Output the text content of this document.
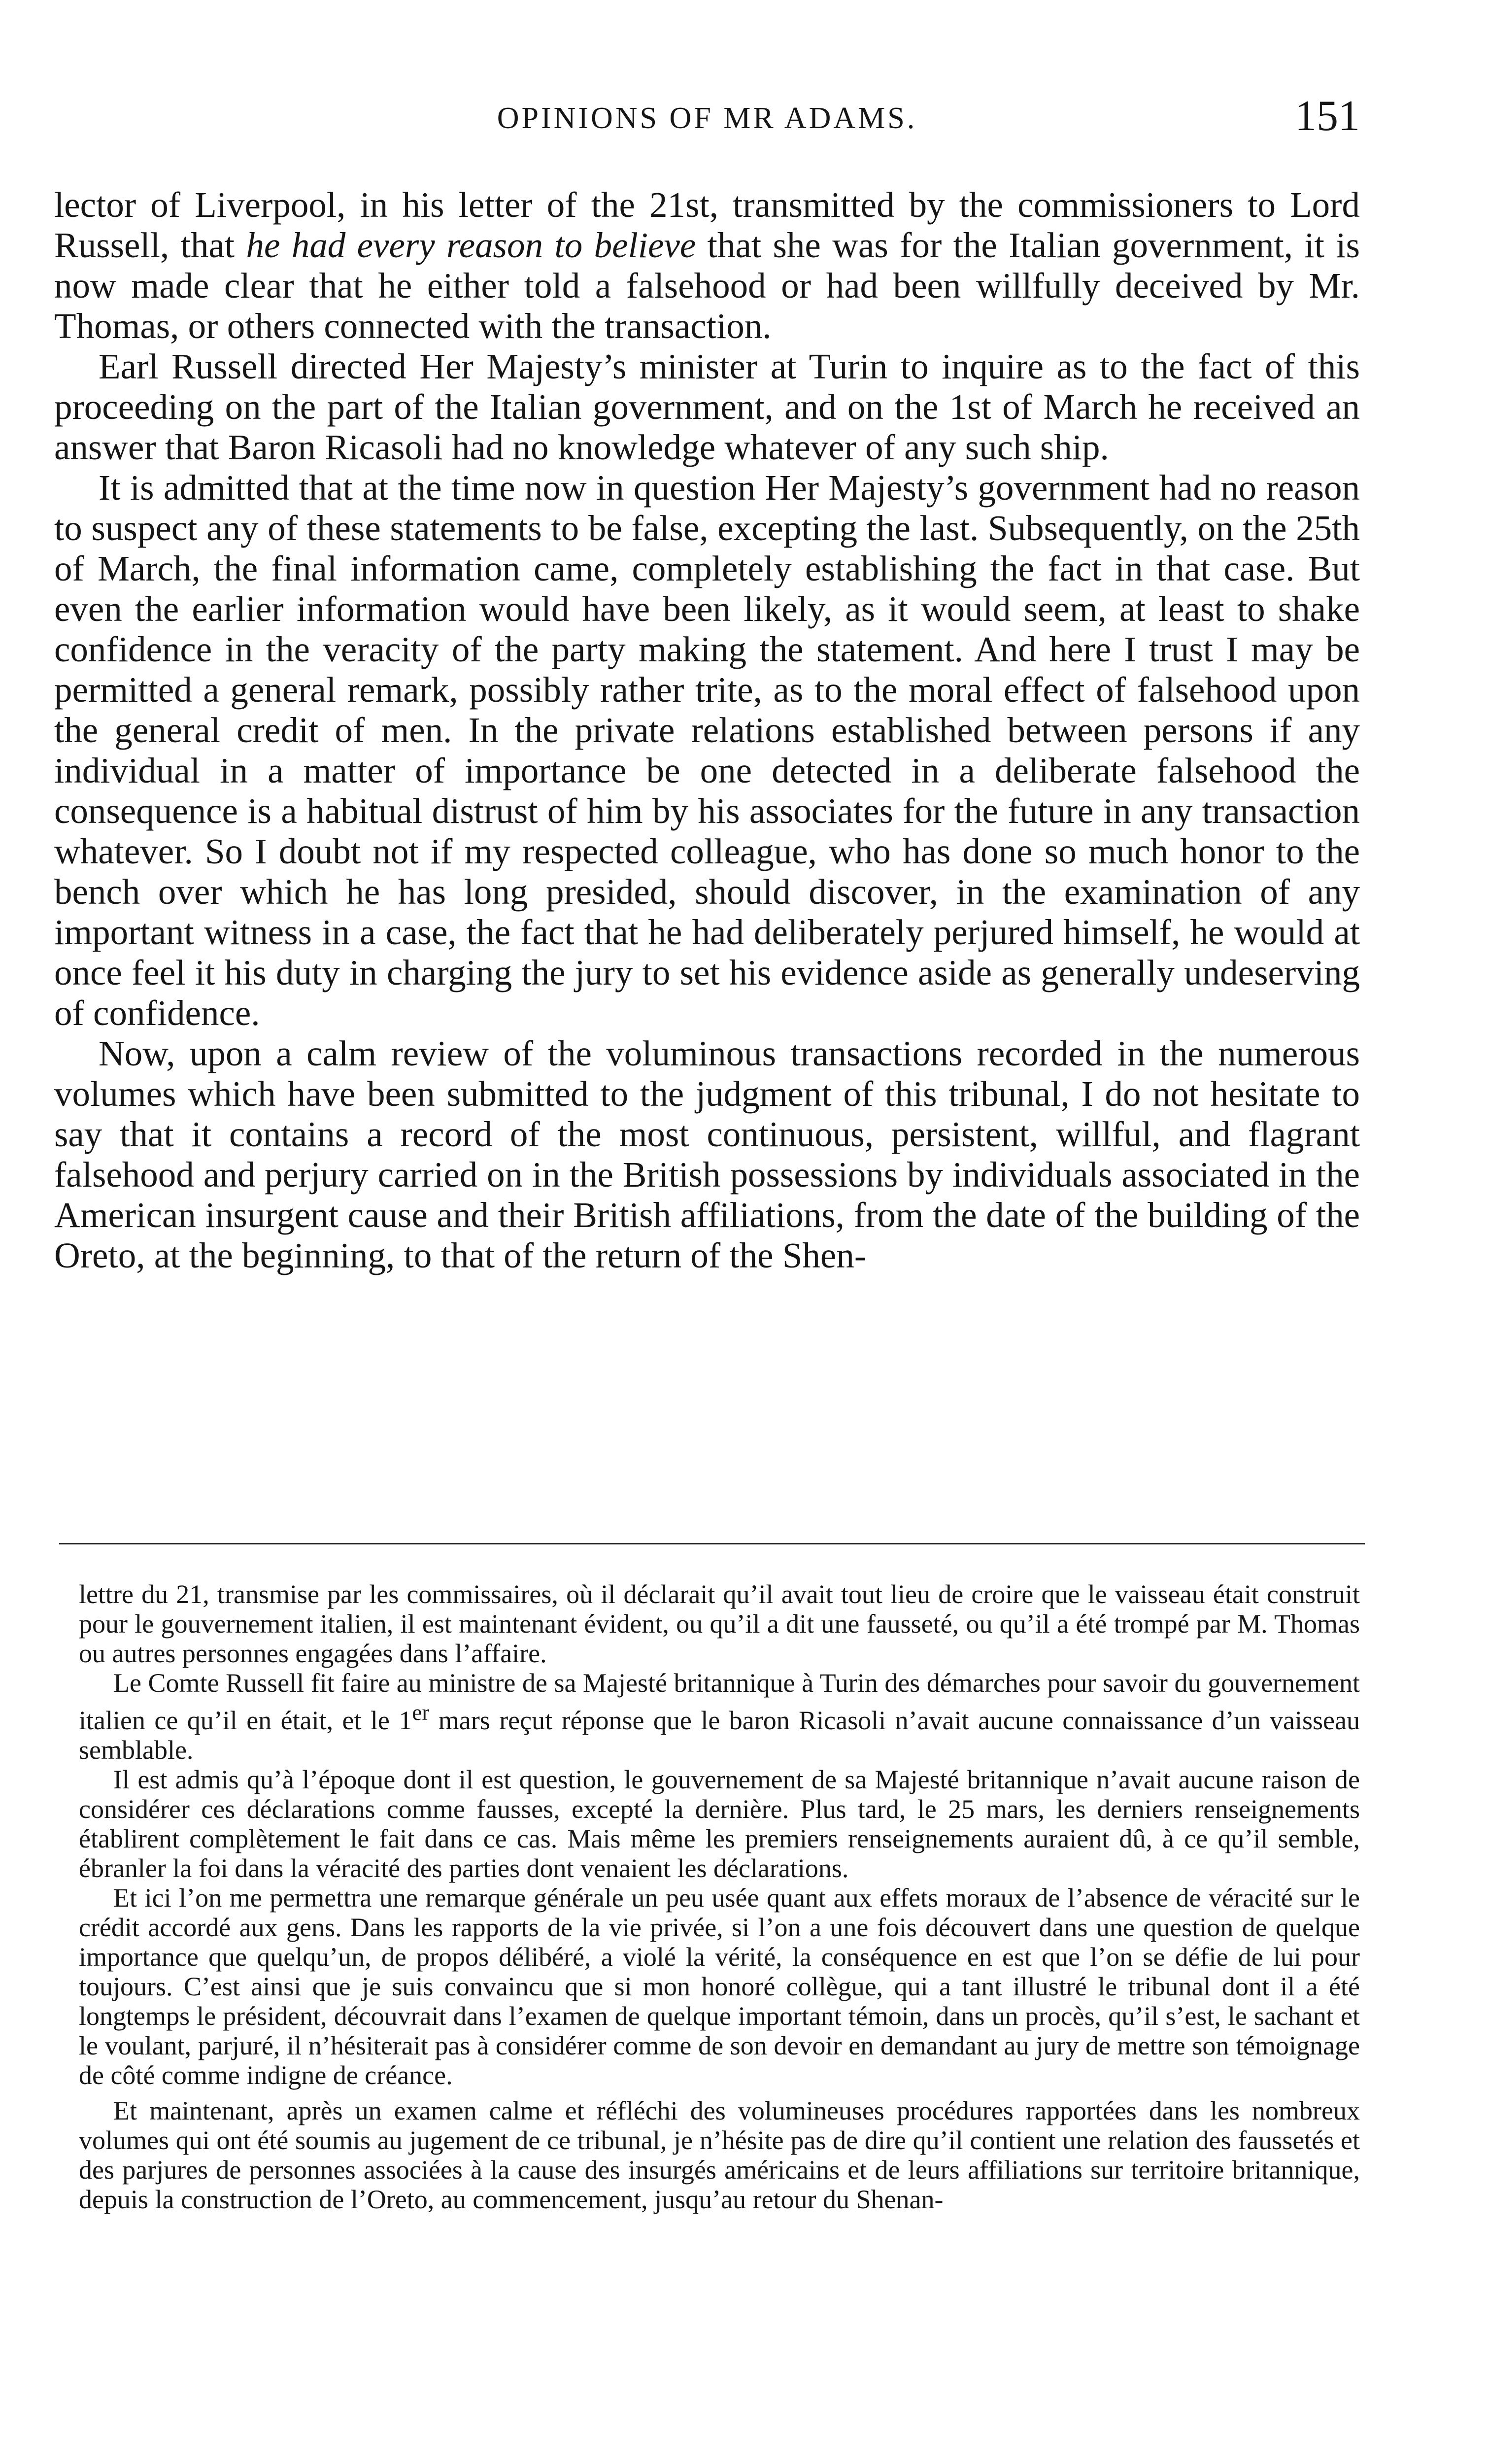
OPINIONS OF MR ADAMS.	151

lector of Liverpool, in his letter of the 21st, transmitted by the commissioners to Lord Russell, that he had every reason to believe that she was for the Italian government, it is now made clear that he either told a falsehood or had been willfully deceived by Mr. Thomas, or others connected with the transaction.

Earl Russell directed Her Majesty’s minister at Turin to inquire as to the fact of this proceeding on the part of the Italian government, and on the 1st of March he received an answer that Baron Ricasoli had no knowledge whatever of any such ship.

It is admitted that at the time now in question Her Majesty’s government had no reason to suspect any of these statements to be false, excepting the last. Subsequently, on the 25th of March, the final information came, completely establishing the fact in that case. But even the earlier information would have been likely, as it would seem, at least to shake confidence in the veracity of the party making the statement. And here I trust I may be permitted a general remark, possibly rather trite, as to the moral effect of falsehood upon the general credit of men. In the private relations established between persons if any individual in a matter of importance be one detected in a deliberate falsehood the consequence is a habitual distrust of him by his associates for the future in any transaction whatever. So I doubt not if my respected colleague, who has done so much honor to the bench over which he has long presided, should discover, in the examination of any important witness in a case, the fact that he had deliberately perjured himself, he would at once feel it his duty in charging the jury to set his evidence aside as generally undeserving of confidence.

Now, upon a calm review of the voluminous transactions recorded in the numerous volumes which have been submitted to the judgment of this tribunal, I do not hesitate to say that it contains a record of the most continuous, persistent, willful, and flagrant falsehood and perjury carried on in the British possessions by individuals associated in the American insurgent cause and their British affiliations, from the date of the building of the Oreto, at the beginning, to that of the return of the Shen-

lettre du 21, transmise par les commissaires, où il déclarait qu’il avait tout lieu de croire que le vaisseau était construit pour le gouvernement italien, il est maintenant évident, ou qu’il a dit une fausseté, ou qu’il a été trompé par M. Thomas ou autres personnes engagées dans l’affaire.

Le Comte Russell fit faire au ministre de sa Majesté britannique à Turin des démarches pour savoir du gouvernement italien ce qu’il en était, et le 1er mars reçut réponse que le baron Ricasoli n’avait aucune connaissance d’un vaisseau semblable.

Il est admis qu’à l’époque dont il est question, le gouvernement de sa Majesté britannique n’avait aucune raison de considérer ces déclarations comme fausses, excepté la dernière. Plus tard, le 25 mars, les derniers renseignements établirent complètement le fait dans ce cas. Mais même les premiers renseignements auraient dû, à ce qu’il semble, ébranler la foi dans la véracité des parties dont venaient les déclarations.

Et ici l’on me permettra une remarque générale un peu usée quant aux effets moraux de l’absence de véracité sur le crédit accordé aux gens. Dans les rapports de la vie privée, si l’on a une fois découvert dans une question de quelque importance que quelqu’un, de propos délibéré, a violé la vérité, la conséquence en est que l’on se défie de lui pour toujours. C’est ainsi que je suis convaincu que si mon honoré collègue, qui a tant illustré le tribunal dont il a été longtemps le président, découvrait dans l’examen de quelque important témoin, dans un procès, qu’il s’est, le sachant et le voulant, parjuré, il n’hésiterait pas à considérer comme de son devoir en demandant au jury de mettre son témoignage de côté comme indigne de créance.

Et maintenant, après un examen calme et réfléchi des volumineuses procédures rapportées dans les nombreux volumes qui ont été soumis au jugement de ce tribunal, je n’hésite pas de dire qu’il contient une relation des faussetés et des parjures de personnes associées à la cause des insurgés américains et de leurs affiliations sur territoire britannique, depuis la construction de l’Oreto, au commencement, jusqu’au retour du Shenan-
